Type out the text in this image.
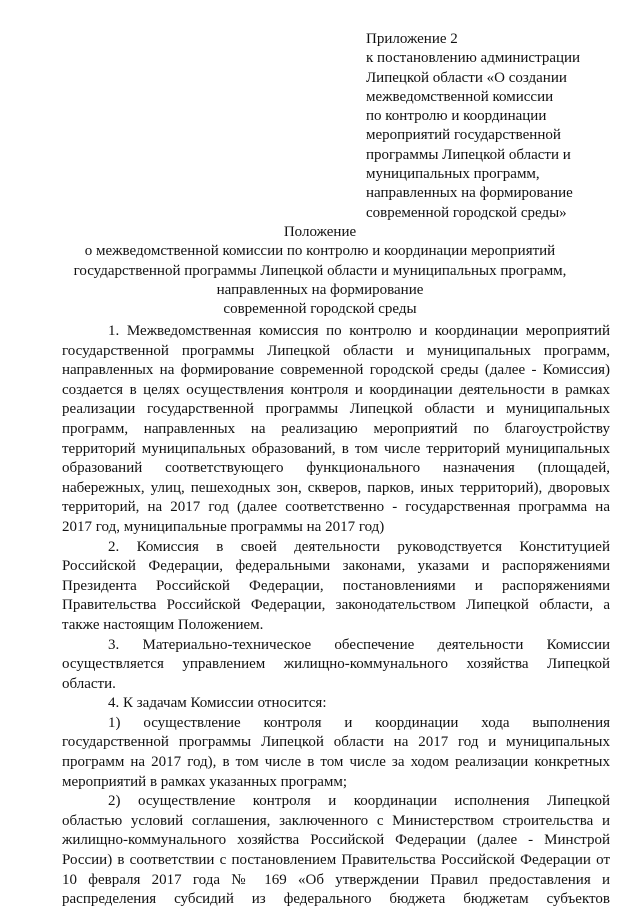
Приложение 2
к постановлению администрации
Липецкой области «О создании
межведомственной комиссии
по контролю и координации
мероприятий государственной
программы Липецкой области и
муниципальных программ,
направленных на формирование
современной городской среды»
Положение
о межведомственной комиссии по контролю и координации мероприятий
государственной программы Липецкой области и муниципальных программ,
направленных на формирование
современной городской среды
1. Межведомственная комиссия по контролю и координации мероприятий
государственной программы Липецкой области и муниципальных программ,
направленных на формирование современной городской среды (далее - Комиссия)
создается в целях осуществления контроля и координации деятельности в рамках
реализации государственной программы Липецкой области и муниципальных
программ, направленных на реализацию мероприятий по благоустройству
территорий муниципальных образований, в том числе территорий муниципальных
образований соответствующего функционального назначения (площадей,
набережных, улиц, пешеходных зон, скверов, парков, иных территорий), дворовых
территорий, на 2017 год (далее соответственно - государственная программа на
2017 год, муниципальные программы на 2017 год)
2. Комиссия в своей деятельности руководствуется Конституцией
Российской Федерации, федеральными законами, указами и распоряжениями
Президента Российской Федерации, постановлениями и распоряжениями
Правительства Российской Федерации, законодательством Липецкой области, а
также настоящим Положением.
3. Материально-техническое обеспечение деятельности Комиссии
осуществляется управлением жилищно-коммунального хозяйства Липецкой
области.
4. К задачам Комиссии относится:
1) осуществление контроля и координации хода выполнения
государственной программы Липецкой области на 2017 год и муниципальных
программ на 2017 год), в том числе в том числе за ходом реализации конкретных
мероприятий в рамках указанных программ;
2) осуществление контроля и координации исполнения Липецкой
областью условий соглашения, заключенного с Министерством строительства и
жилищно-коммунального хозяйства Российской Федерации (далее - Минстрой
России) в соответствии с постановлением Правительства Российской Федерации от
10 февраля 2017 года № 169 «Об утверждении Правил предоставления и
распределения субсидий из федерального бюджета бюджетам субъектов
